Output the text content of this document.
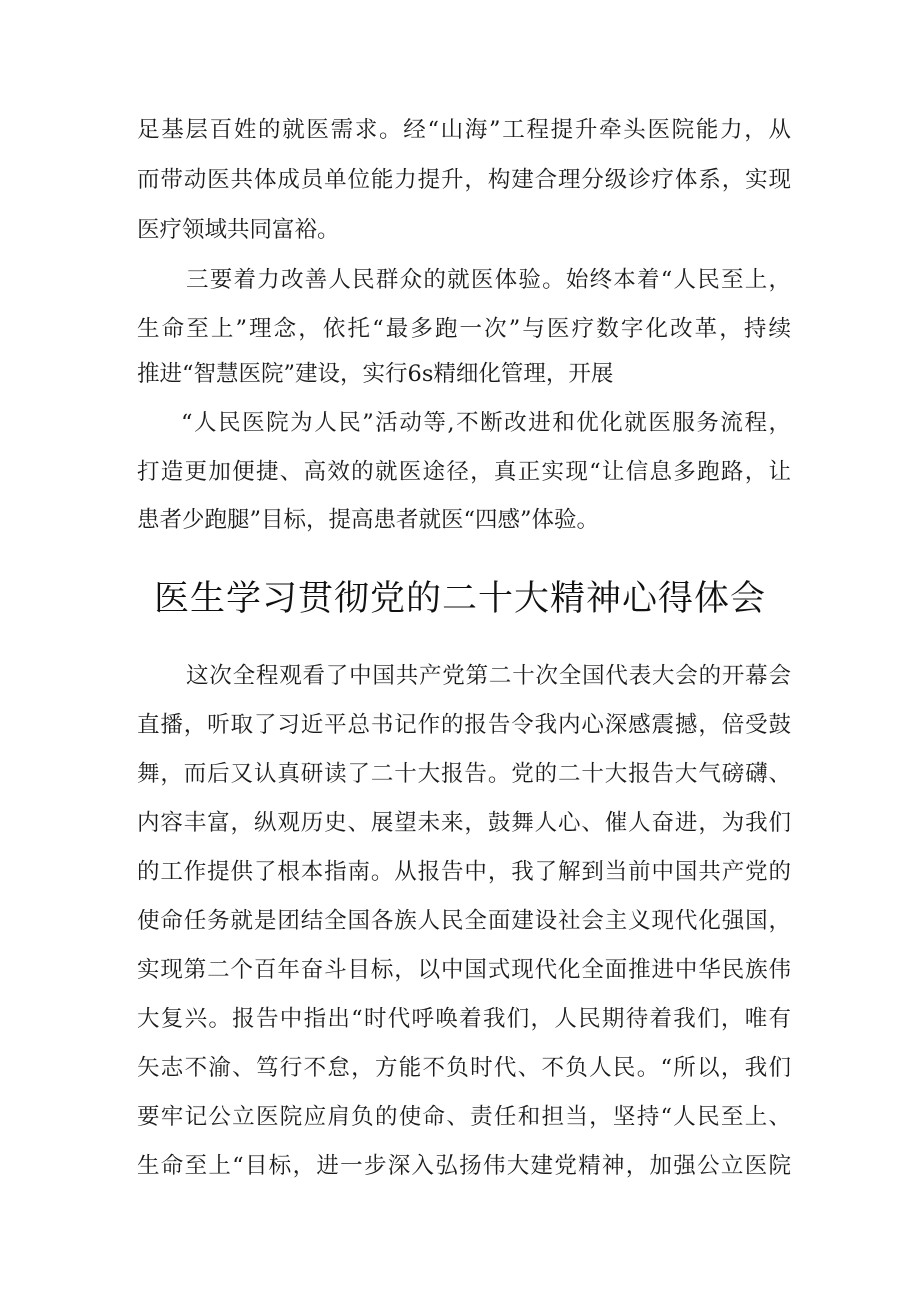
足基层百姓的就医需求。经“山海”工程提升牵头医院能力，从
而带动医共体成员单位能力提升，构建合理分级诊疗体系，实现
医疗领域共同富裕。
三要着力改善人民群众的就医体验。始终本着“人民至上，
生命至上”理念，依托“最多跑一次”与医疗数字化改革，持续
推进“智慧医院”建设，实行6s精细化管理，开展
“人民医院为人民”活动等,不断改进和优化就医服务流程，
打造更加便捷、高效的就医途径，真正实现“让信息多跑路，让
患者少跑腿”目标，提高患者就医“四感”体验。
医生学习贯彻党的二十大精神心得体会
这次全程观看了中国共产党第二十次全国代表大会的开幕会
直播，听取了习近平总书记作的报告令我内心深感震撼，倍受鼓
舞，而后又认真研读了二十大报告。党的二十大报告大气磅礴、
内容丰富，纵观历史、展望未来，鼓舞人心、催人奋进，为我们
的工作提供了根本指南。从报告中，我了解到当前中国共产党的
使命任务就是团结全国各族人民全面建设社会主义现代化强国，
实现第二个百年奋斗目标，以中国式现代化全面推进中华民族伟
大复兴。报告中指出“时代呼唤着我们，人民期待着我们，唯有
矢志不渝、笃行不怠，方能不负时代、不负人民。“所以，我们
要牢记公立医院应肩负的使命、责任和担当，坚持“人民至上、
生命至上“目标，进一步深入弘扬伟大建党精神，加强公立医院
